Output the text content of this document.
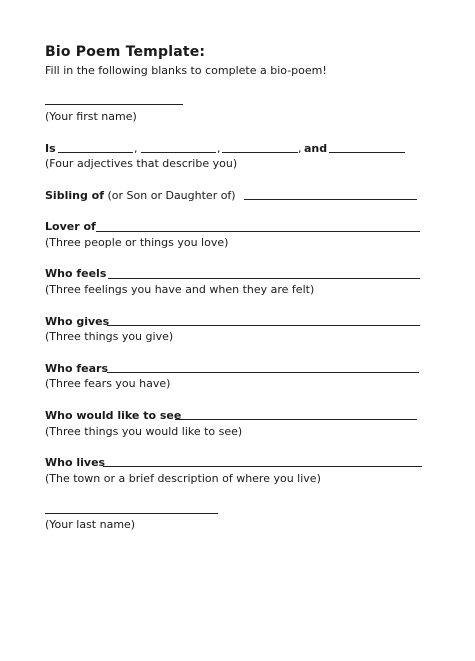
Bio Poem Template:
Fill in the following blanks to complete a bio-poem!
(Your first name)
Is	,	,	, and
(Four adjectives that describe you)
Sibling of (or Son or Daughter of)
Lover of
(Three people or things you love)
Who feels
(Three feelings you have and when they are felt)
Who gives
(Three things you give)
Who fears
(Three fears you have)
Who would like to see
(Three things you would like to see)
Who lives
(The town or a brief description of where you live)
(Your last name)
